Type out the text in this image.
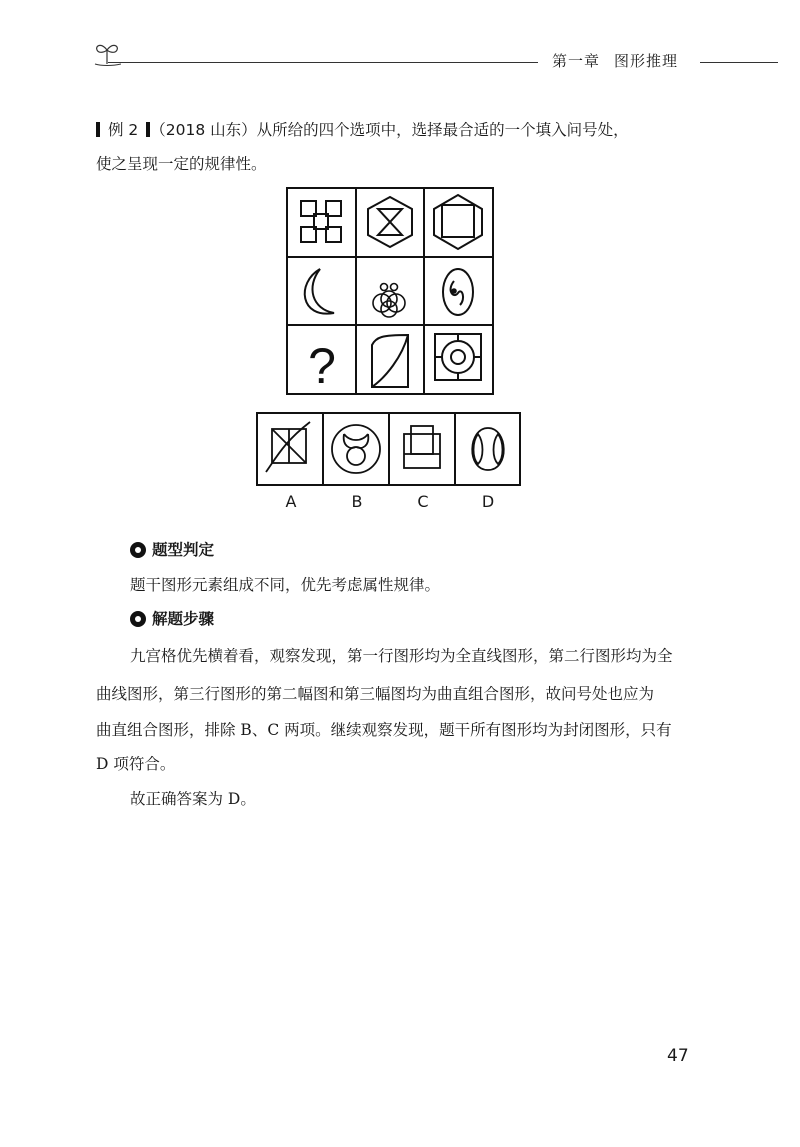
第一章 图形推理
例 2 （2018 山东）从所给的四个选项中，选择最合适的一个填入问号处，
使之呈现一定的规律性。
?
A	B	C	D
题型判定
题干图形元素组成不同，优先考虑属性规律。
解题步骤
九宫格优先横着看，观察发现，第一行图形均为全直线图形，第二行图形均为全
曲线图形，第三行图形的第二幅图和第三幅图均为曲直组合图形，故问号处也应为
曲直组合图形，排除 B、C 两项。继续观察发现，题干所有图形均为封闭图形，只有
D 项符合。
故正确答案为 D。
47
